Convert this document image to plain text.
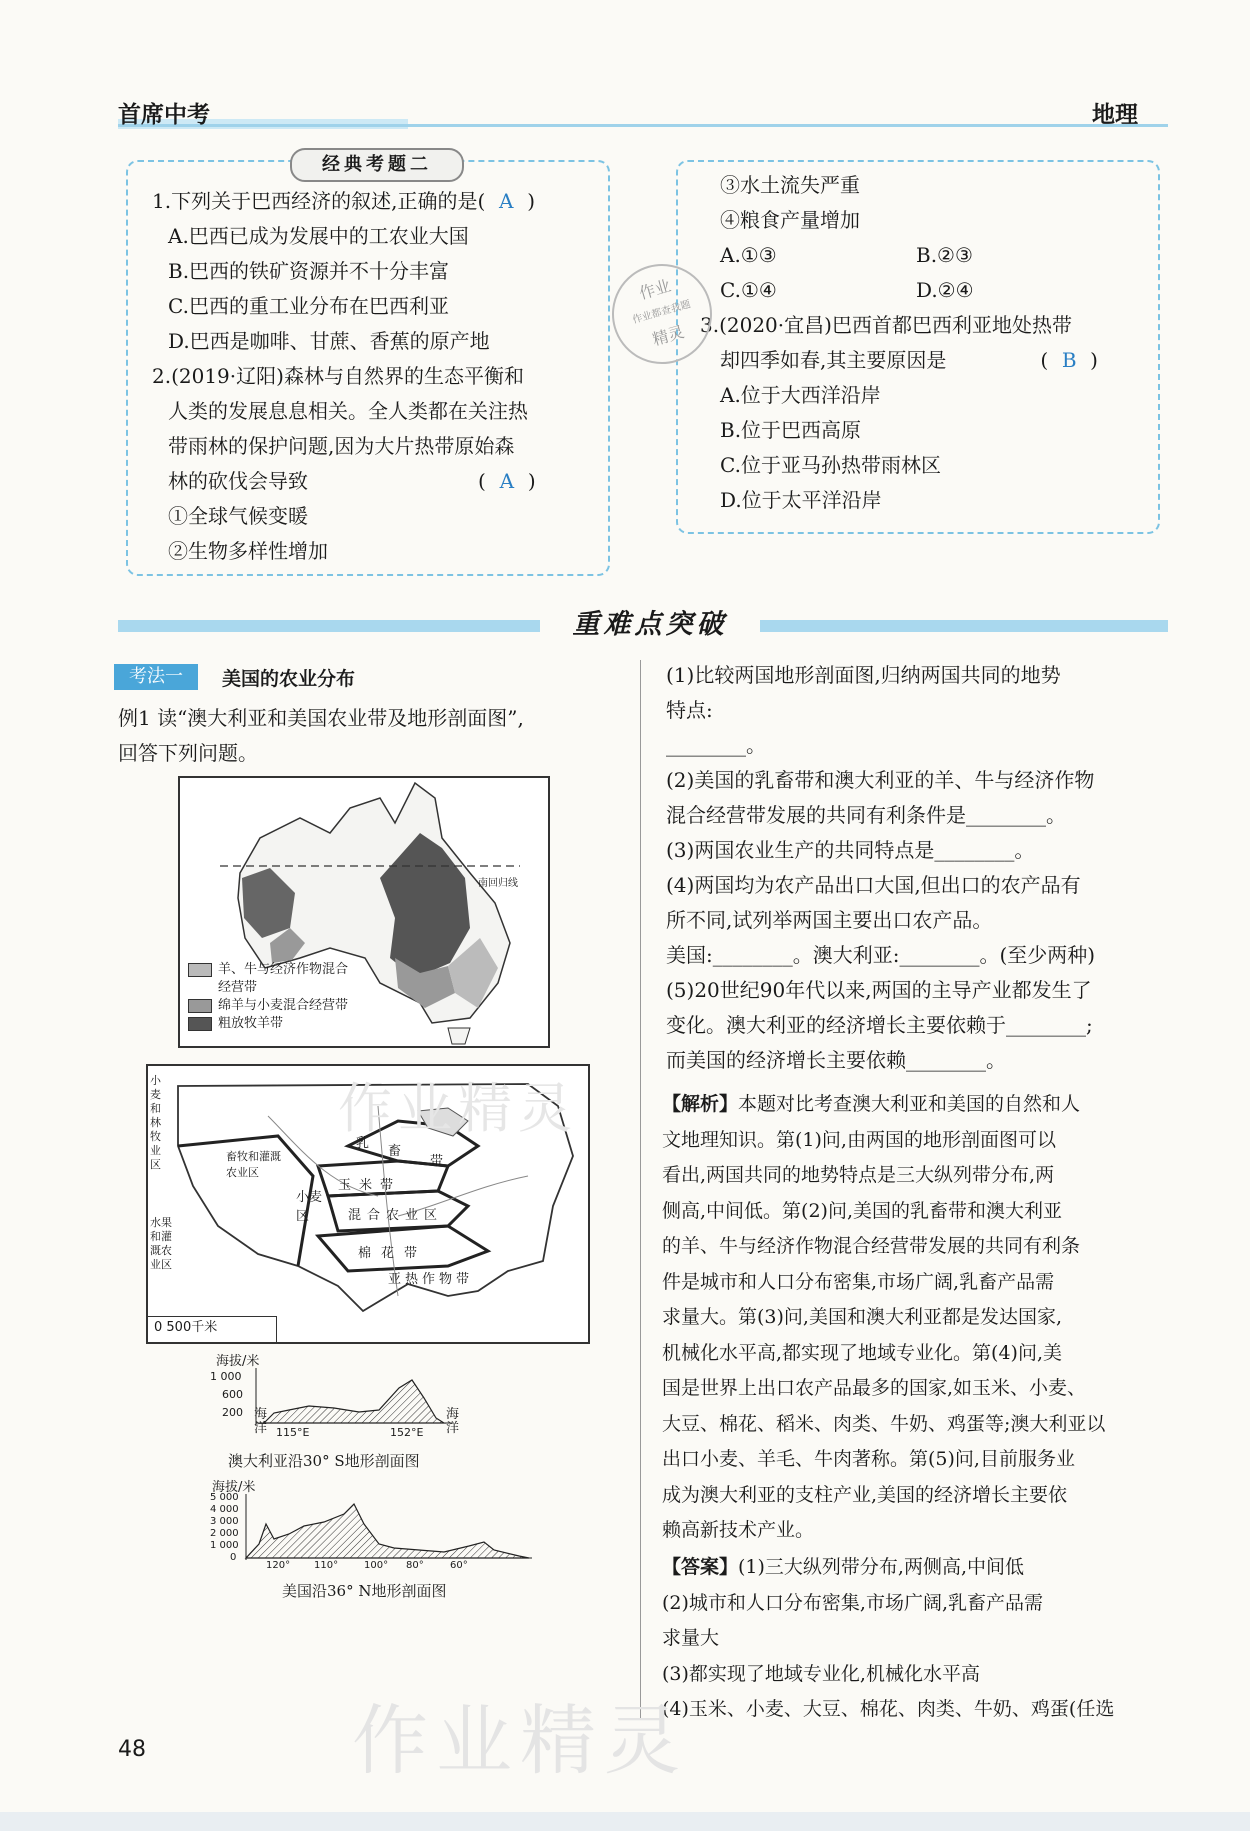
首席中考	地理
经典考题二
1.下列关于巴西经济的叙述,正确的是( A )
A.巴西已成为发展中的工农业大国
B.巴西的铁矿资源并不十分丰富
C.巴西的重工业分布在巴西利亚
D.巴西是咖啡、甘蔗、香蕉的原产地
2.(2019·辽阳)森林与自然界的生态平衡和
人类的发展息息相关。全人类都在关注热
带雨林的保护问题,因为大片热带原始森
林的砍伐会导致	( A )
①全球气候变暖
②生物多样性增加
③水土流失严重
④粮食产量增加
A.①③	B.②③
C.①④	D.②④
3.(2020·宜昌)巴西首都巴西利亚地处热带
却四季如春,其主要原因是	( B )
A.位于大西洋沿岸
B.位于巴西高原
C.位于亚马孙热带雨林区
D.位于太平洋沿岸
作业
作业都查我题
精灵
重难点突破
考法一	美国的农业分布
例1 读“澳大利亚和美国农业带及地形剖面图”,
回答下列问题。
南回归线
羊、牛与经济作物混合
经营带
绵羊与小麦混合经营带
粗放牧羊带
小麦和林牧业区
畜牧和灌溉农业区
水果和灌溉农业区
乳
畜
带
玉米带
小麦区	混合农业区
棉花带
亚热作物带
0 500千米
作业精灵
海拔/米
1 000
600
200 海洋
海洋
115°E	152°E
澳大利亚沿30° S地形剖面图
海拔/米
5 000
4 000
3 000
2 000
1 000
0
120° 110°	100° 80°	60°
美国沿36° N地形剖面图
(1)比较两国地形剖面图,归纳两国共同的地势
特点:
________。
(2)美国的乳畜带和澳大利亚的羊、牛与经济作物
混合经营带发展的共同有利条件是________。
(3)两国农业生产的共同特点是________。
(4)两国均为农产品出口大国,但出口的农产品有
所不同,试列举两国主要出口农产品。
美国:________。澳大利亚:________。(至少两种)
(5)20世纪90年代以来,两国的主导产业都发生了
变化。澳大利亚的经济增长主要依赖于________;
而美国的经济增长主要依赖________。
【解析】本题对比考查澳大利亚和美国的自然和人
文地理知识。第(1)问,由两国的地形剖面图可以
看出,两国共同的地势特点是三大纵列带分布,两
侧高,中间低。第(2)问,美国的乳畜带和澳大利亚
的羊、牛与经济作物混合经营带发展的共同有利条
件是城市和人口分布密集,市场广阔,乳畜产品需
求量大。第(3)问,美国和澳大利亚都是发达国家,
机械化水平高,都实现了地域专业化。第(4)问,美
国是世界上出口农产品最多的国家,如玉米、小麦、
大豆、棉花、稻米、肉类、牛奶、鸡蛋等;澳大利亚以
出口小麦、羊毛、牛肉著称。第(5)问,目前服务业
成为澳大利亚的支柱产业,美国的经济增长主要依
赖高新技术产业。
【答案】(1)三大纵列带分布,两侧高,中间低
(2)城市和人口分布密集,市场广阔,乳畜产品需
求量大
(3)都实现了地域专业化,机械化水平高
(4)玉米、小麦、大豆、棉花、肉类、牛奶、鸡蛋(任选
48	作业精灵
